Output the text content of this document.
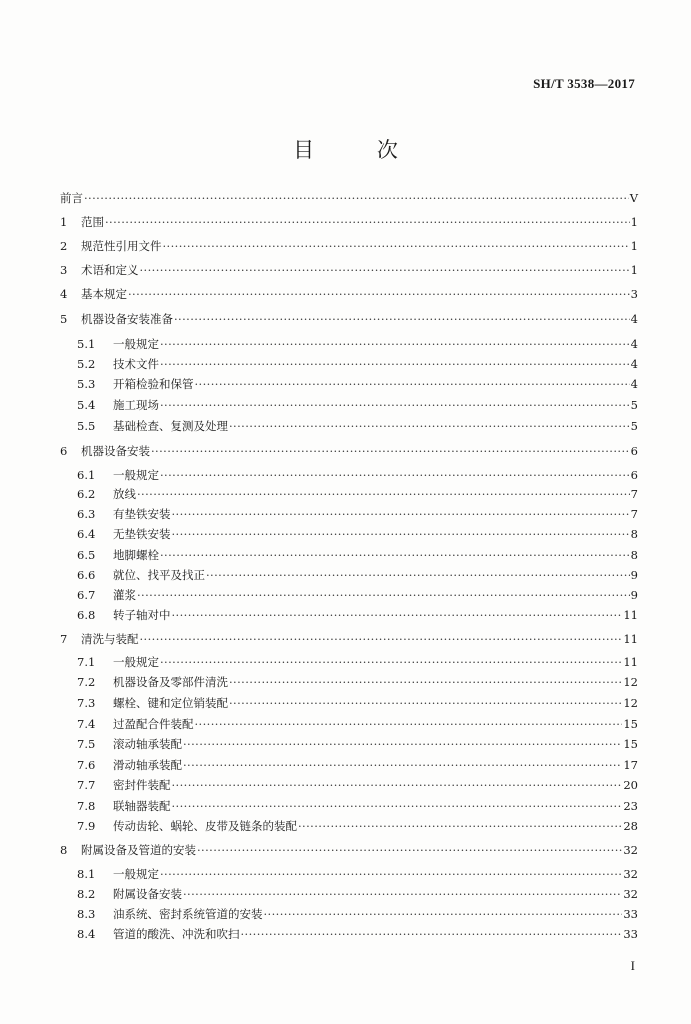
SH/T 3538—2017
目 次
前言 ·····	V
1	范围 ·····	1
2	规范性引用文件 ·····	1
3	术语和定义 ·····	1
4	基本规定 ·····	3
5	机器设备安装准备 ·····	4
5.1	一般规定 ·····	4
5.2	技术文件 ·····	4
5.3	开箱检验和保管 ·····	4
5.4	施工现场 ·····	5
5.5	基础检查、复测及处理 ·····	5
6	机器设备安装 ·····	6
6.1	一般规定 ·····	6
6.2	放线 ·····	7
6.3	有垫铁安装 ·····	7
6.4	无垫铁安装 ·····	8
6.5	地脚螺栓 ·····	8
6.6	就位、找平及找正 ·····	9
6.7	灌浆 ·····	9
6.8	转子轴对中 ·····	11
7	清洗与装配 ·····	11
7.1	一般规定 ·····	11
7.2	机器设备及零部件清洗 ·····	12
7.3	螺栓、键和定位销装配 ·····	12
7.4	过盈配合件装配 ·····	15
7.5	滚动轴承装配 ·····	15
7.6	滑动轴承装配 ·····	17
7.7	密封件装配 ·····	20
7.8	联轴器装配 ·····	23
7.9	传动齿轮、蜗轮、皮带及链条的装配 ·····	28
8	附属设备及管道的安装 ·····	32
8.1	一般规定 ·····	32
8.2	附属设备安装 ·····	32
8.3	油系统、密封系统管道的安装 ·····	33
8.4	管道的酸洗、冲洗和吹扫 ·····	33
I
